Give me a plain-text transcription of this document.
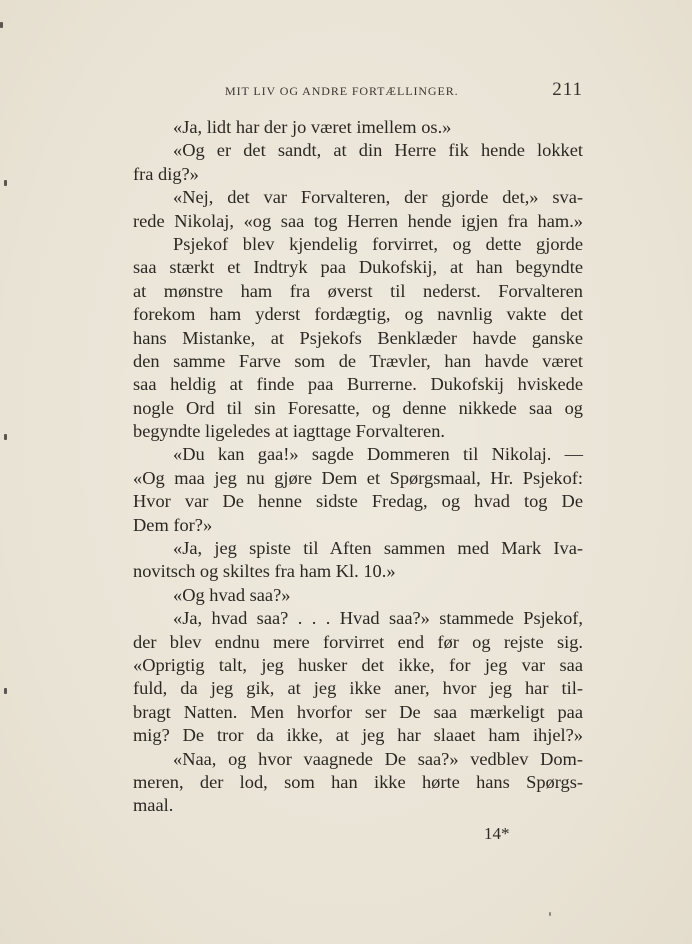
MIT LIV OG ANDRE FORTÆLLINGER.	211
«Ja, lidt har der jo været imellem os.»
«Og er det sandt, at din Herre fik hende lokket
fra dig?»
«Nej, det var Forvalteren, der gjorde det,» sva-
rede Nikolaj, «og saa tog Herren hende igjen fra ham.»
Psjekof blev kjendelig forvirret, og dette gjorde
saa stærkt et Indtryk paa Dukofskij, at han begyndte
at mønstre ham fra øverst til nederst. Forvalteren
forekom ham yderst fordægtig, og navnlig vakte det
hans Mistanke, at Psjekofs Benklæder havde ganske
den samme Farve som de Trævler, han havde været
saa heldig at finde paa Burrerne. Dukofskij hviskede
nogle Ord til sin Foresatte, og denne nikkede saa og
begyndte ligeledes at iagttage Forvalteren.
«Du kan gaa!» sagde Dommeren til Nikolaj. —
«Og maa jeg nu gjøre Dem et Spørgsmaal, Hr. Psjekof:
Hvor var De henne sidste Fredag, og hvad tog De
Dem for?»
«Ja, jeg spiste til Aften sammen med Mark Iva-
novitsch og skiltes fra ham Kl. 10.»
«Og hvad saa?»
«Ja, hvad saa? . . . Hvad saa?» stammede Psjekof,
der blev endnu mere forvirret end før og rejste sig.
«Oprigtig talt, jeg husker det ikke, for jeg var saa
fuld, da jeg gik, at jeg ikke aner, hvor jeg har til-
bragt Natten. Men hvorfor ser De saa mærkeligt paa
mig? De tror da ikke, at jeg har slaaet ham ihjel?»
«Naa, og hvor vaagnede De saa?» vedblev Dom-
meren, der lod, som han ikke hørte hans Spørgs-
maal.
14*
